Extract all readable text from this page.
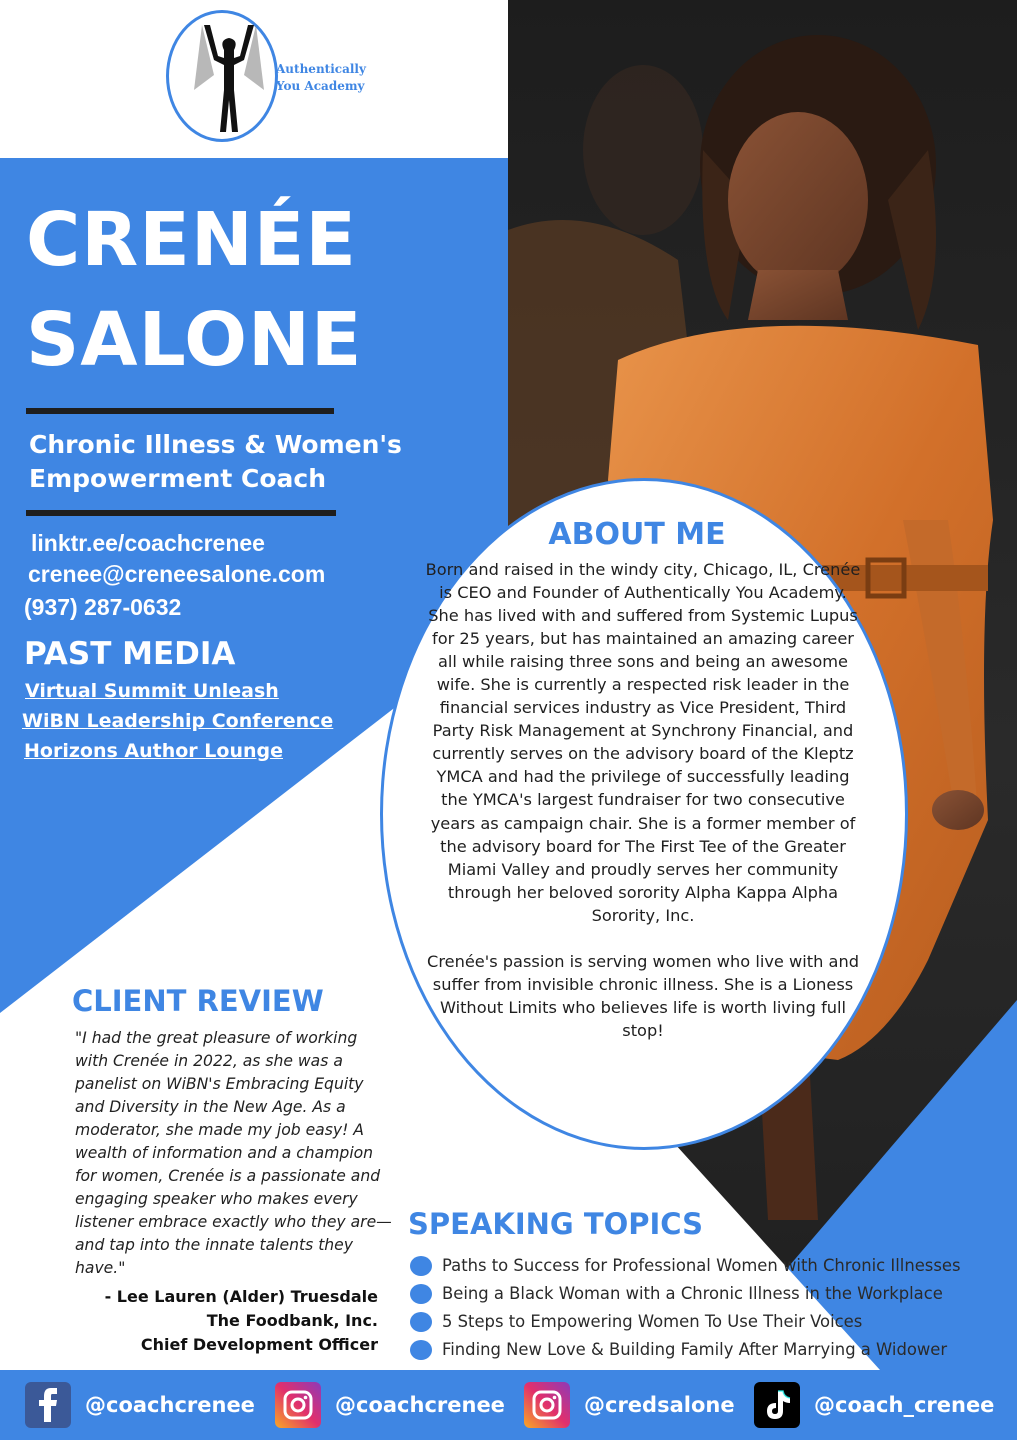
Authentically
You Academy
CRENÉE
SALONE
Chronic Illness & Women's
Empowerment Coach
linktr.ee/coachcrenee
crenee@creneesalone.com
(937) 287-0632
PAST MEDIA
Virtual Summit Unleash
WiBN Leadership Conference
Horizons Author Lounge
ABOUT ME

Born and raised in the windy city, Chicago, IL, Crenée is CEO and Founder of Authentically You Academy. She has lived with and suffered from Systemic Lupus for 25 years, but has maintained an amazing career all while raising three sons and being an awesome wife. She is currently a respected risk leader in the financial services industry as Vice President, Third Party Risk Management at Synchrony Financial, and currently serves on the advisory board of the Kleptz YMCA and had the privilege of successfully leading the YMCA's largest fundraiser for two consecutive years as campaign chair. She is a former member of the advisory board for The First Tee of the Greater Miami Valley and proudly serves her community through her beloved sorority Alpha Kappa Alpha Sorority, Inc.

Crenée's passion is serving women who live with and suffer from invisible chronic illness. She is a Lioness Without Limits who believes life is worth living full stop!

CLIENT REVIEW
"I had the great pleasure of working with Crenée in 2022, as she was a panelist on WiBN's Embracing Equity and Diversity in the New Age. As a moderator, she made my job easy! A wealth of information and a champion for women, Crenée is a passionate and engaging speaker who makes every listener embrace exactly who they are—and tap into the innate talents they have."
- Lee Lauren (Alder) Truesdale
The Foodbank, Inc.
Chief Development Officer
SPEAKING TOPICS
Paths to Success for Professional Women with Chronic Illnesses
Being a Black Woman with a Chronic Illness in the Workplace
5 Steps to Empowering Women To Use Their Voices
Finding New Love & Building Family After Marrying a Widower
@coachcrenee	@coachcrenee	@credsalone	@coach_crenee
